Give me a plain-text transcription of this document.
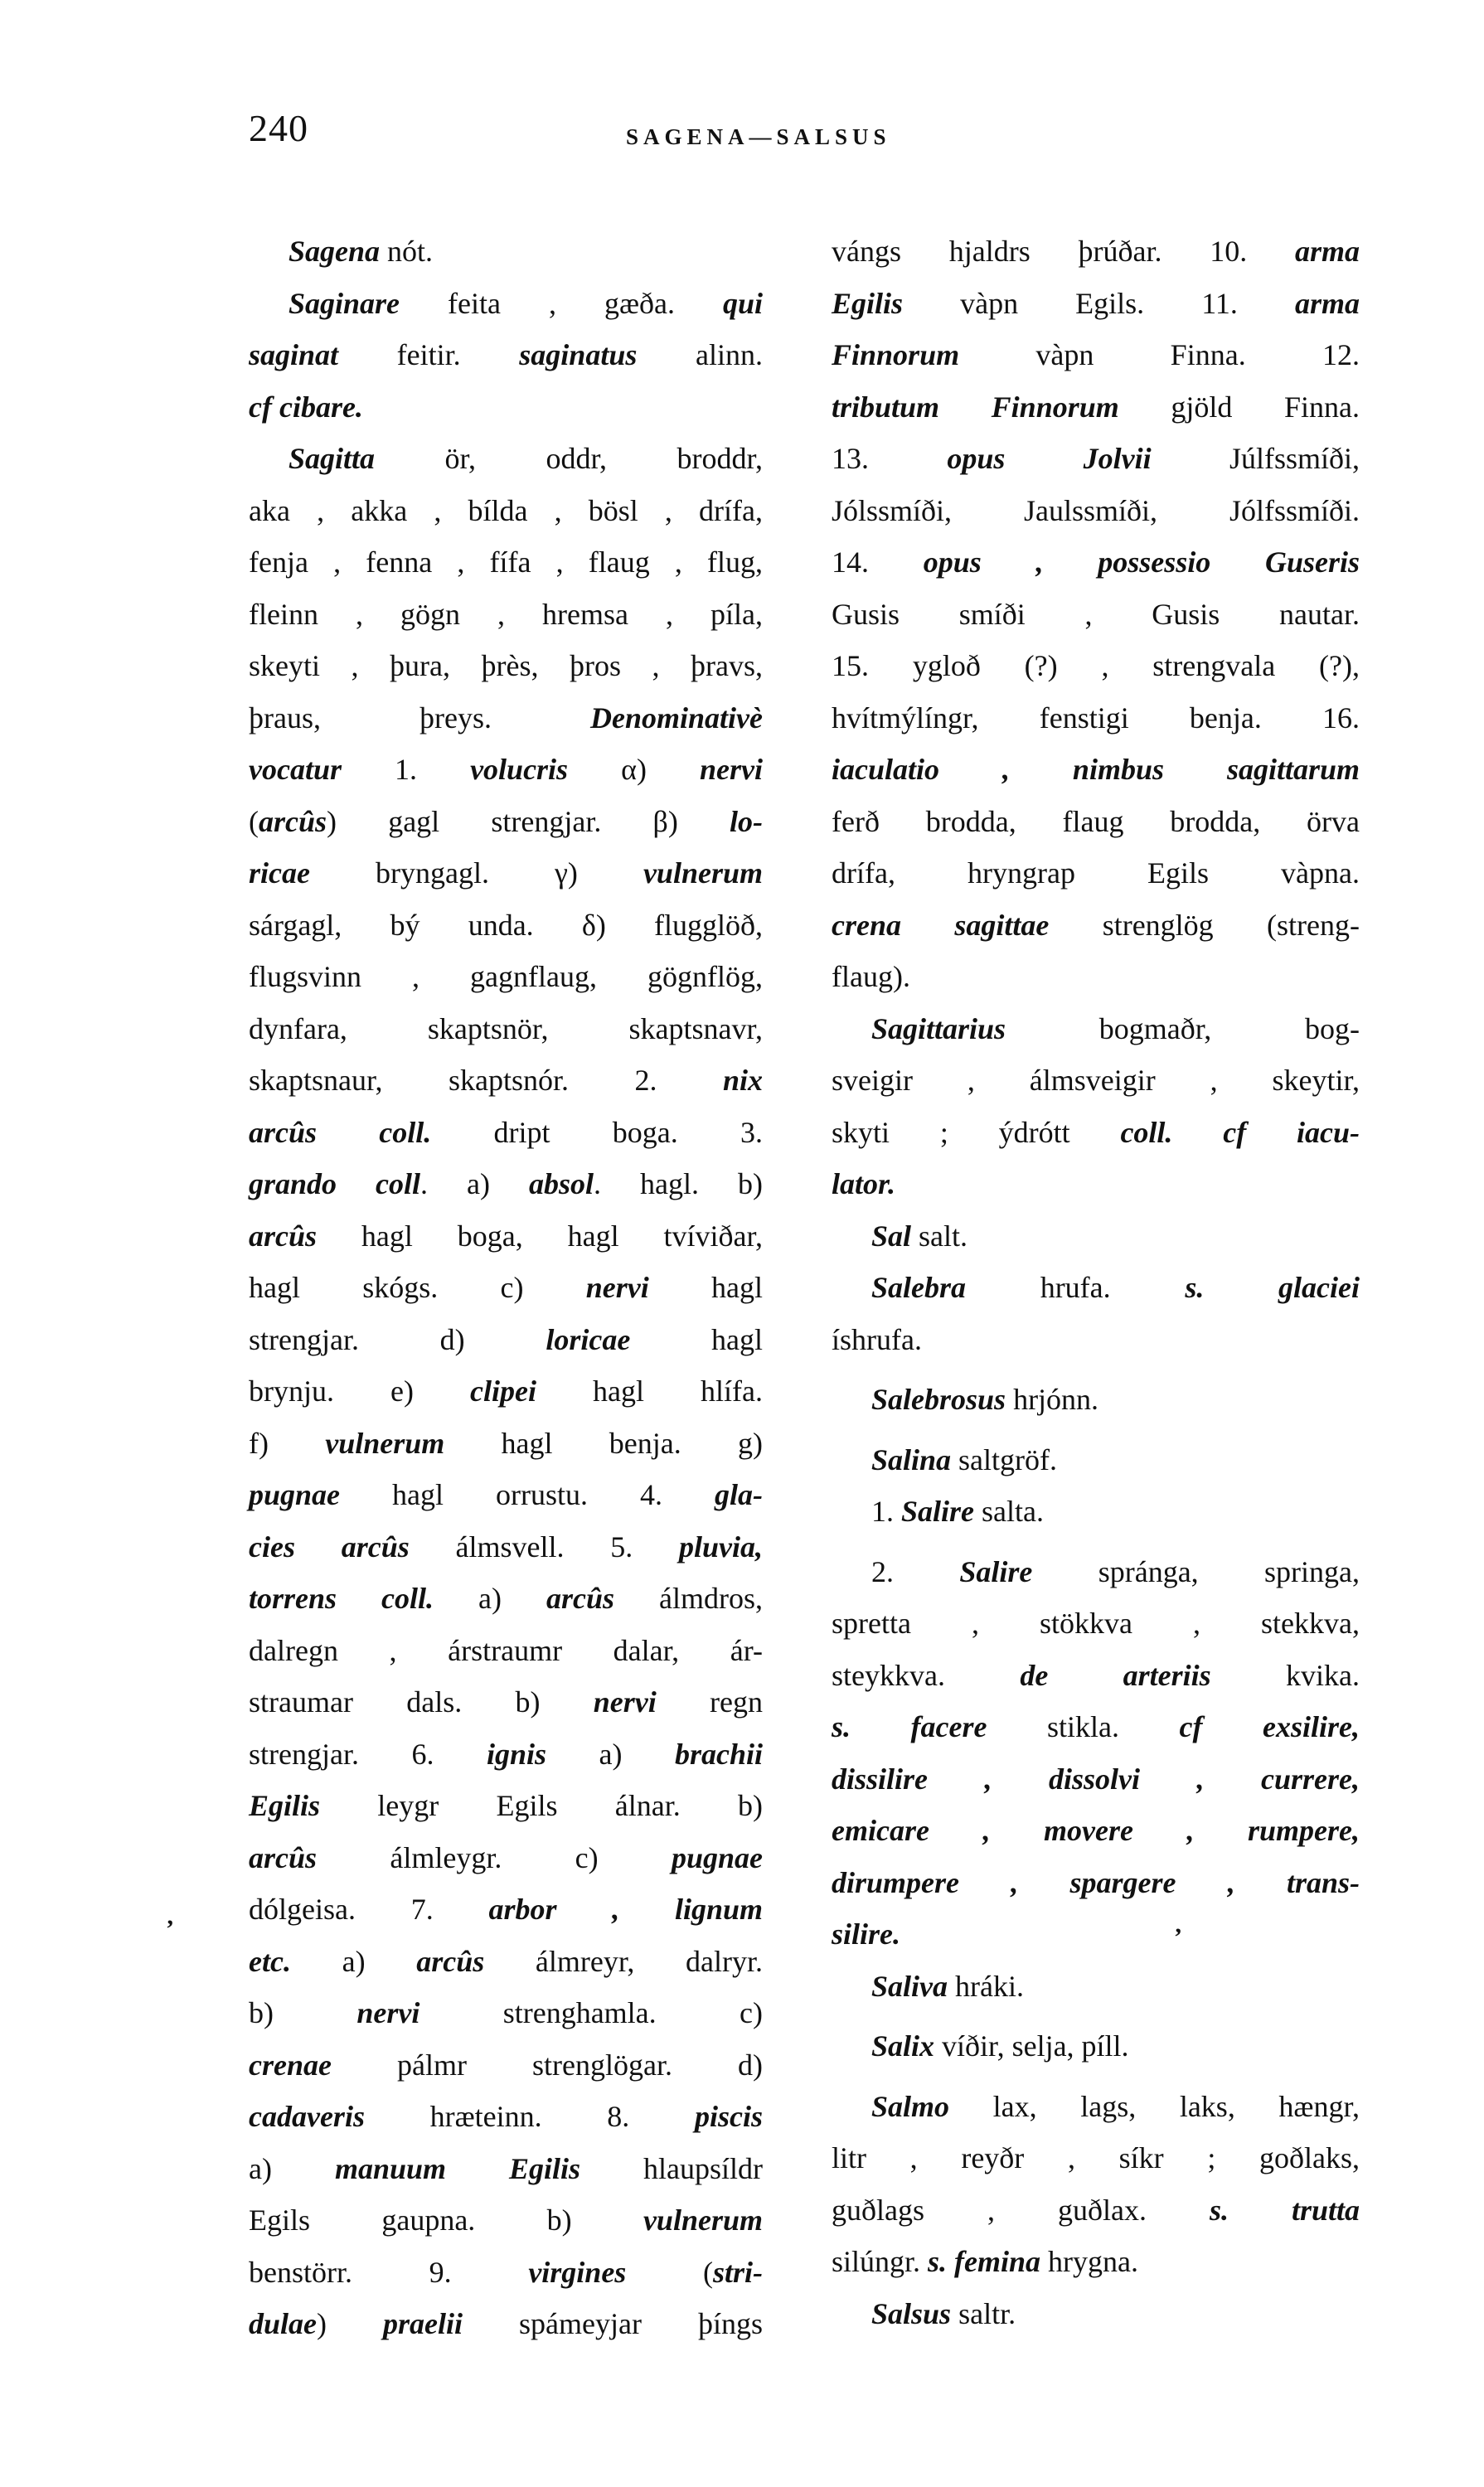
240	SAGENA—SALSUS
Sagena nót.
Saginare feita , gæða. qui
saginat feitir. saginatus alinn.
cf cibare.
Sagitta ör, oddr, broddr,
aka , akka , bílda , bösl , drífa,
fenja , fenna , fífa , flaug , flug,
fleinn , gögn , hremsa , píla,
skeyti , þura, þrès, þros , þravs,
þraus, þreys. Denominativè
vocatur 1. volucris α) nervi
(arcûs) gagl strengjar. β) lo-
ricae bryngagl. γ) vulnerum
sárgagl, bý unda. δ) flugglöð,
flugsvinn , gagnflaug, gögnflög,
dynfara, skaptsnör, skaptsnavr,
skaptsnaur, skaptsnór. 2. nix
arcûs coll. dript boga. 3.
grando coll. a) absol. hagl. b)
arcûs hagl boga, hagl tvíviðar,
hagl skógs. c) nervi hagl
strengjar. d) loricae hagl
brynju. e) clipei hagl hlífa.
f) vulnerum hagl benja. g)
pugnae hagl orrustu. 4. gla-
cies arcûs álmsvell. 5. pluvia,
torrens coll. a) arcûs álmdros,
dalregn , árstraumr dalar, ár-
straumar dals. b) nervi regn
strengjar. 6. ignis a) brachii
Egilis leygr Egils álnar. b)
arcûs álmleygr. c) pugnae
dólgeisa. 7. arbor , lignum
etc. a) arcûs álmreyr, dalryr.
b) nervi strenghamla. c)
crenae pálmr strenglögar. d)
cadaveris hræteinn. 8. piscis
a) manuum Egilis hlaupsíldr
Egils gaupna. b) vulnerum
benstörr. 9. virgines (stri-
dulae) praelii spámeyjar þíngs
vángs hjaldrs þrúðar. 10. arma
Egilis vàpn Egils. 11. arma
Finnorum vàpn Finna. 12.
tributum Finnorum gjöld Finna.
13. opus Jolvii Júlfssmíði,
Jólssmíði, Jaulssmíði, Jólfssmíði.
14. opus , possessio Guseris
Gusis smíði , Gusis nautar.
15. yglоð (?) , strengvala (?),
hvítmýlíngr, fenstigi benja. 16.
iaculatio , nimbus sagittarum
ferð brodda, flaug brodda, örva
drífa, hryngrap Egils vàpna.
crena sagittae strenglög (streng-
flaug).
Sagittarius bogmaðr, bog-
sveigir , álmsveigir , skeytir,
skyti ; ýdrótt coll. cf iacu-
lator.
Sal salt.
Salebra hrufa. s. glaciei
íshrufa.
Salebrosus hrjónn.
Salina saltgröf.
1. Salire salta.
2. Salire spránga, springa,
spretta , stökkva , stekkva,
steykkva. de arteriis kvika.
s. facere stikla. cf exsilire,
dissilire , dissolvi , currere,
emicare , movere , rumpere,
dirumpere , spargere , trans-
silire.
Saliva hráki.
Salix víðir, selja, píll.
Salmo lax, lags, laks, hængr,
litr , reyðr , síkr ; goðlaks,
guðlags , guðlax. s. trutta
silúngr. s. femina hrygna.
Salsus saltr.
’	’
